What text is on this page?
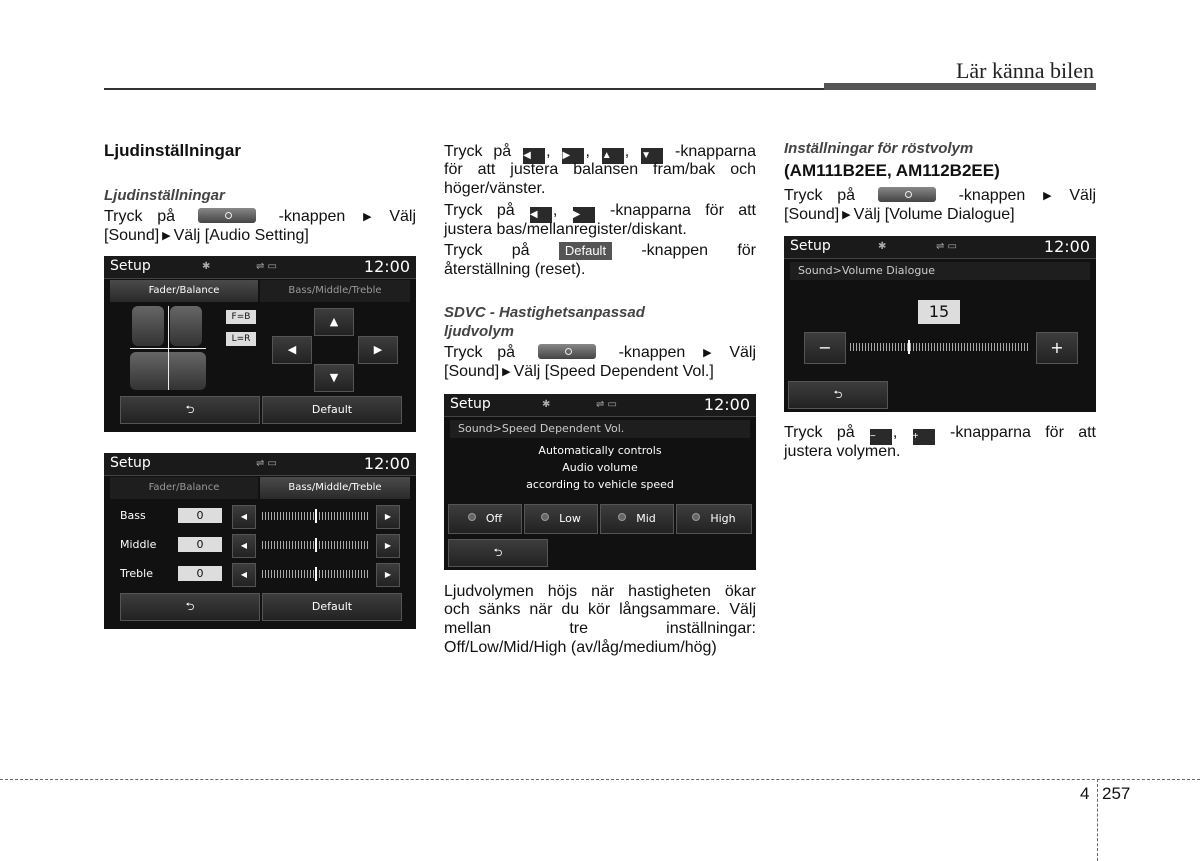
Lär känna bilen
Ljudinställningar
Ljudinställningar
Tryck på	-knappen ▶ Välj
[Sound] ▶ Välj [Audio Setting]
Setup	✱	⇌ ▭	12:00
Fader/Balance	Bass/Middle/Treble
F=B
L=R
▲
◀	▶
▼
⮌	Default
Setup	⇌ ▭	12:00
Fader/Balance	Bass/Middle/Treble
Bass	0	◀	▶
Middle	0	◀	▶
Treble	0	◀	▶
⮌	Default
Tryck på ◀ , ▶ , ▲ , ▼ -knapparna
för att justera balansen fram/bak och
höger/vänster.
Tryck på ◀ , ▶ -knapparna för att
justera bas/mellanregister/diskant.
Tryck på	Default -knappen för
återställning (reset).
SDVC - Hastighetsanpassad
ljudvolym
Tryck på	-knappen ▶ Välj
[Sound] ▶ Välj [Speed Dependent Vol.]
Setup	✱	⇌ ▭	12:00
Sound>Speed Dependent Vol.
Automatically controls
Audio volume
according to vehicle speed
Off	Low	Mid	High
⮌
Ljudvolymen höjs när hastigheten ökar
och sänks när du kör långsammare. Välj
mellan tre inställningar:
Off/Low/Mid/High (av/låg/medium/hög)
Inställningar för röstvolym
(AM111B2EE, AM112B2EE)
Tryck på	-knappen ▶ Välj
[Sound] ▶ Välj [Volume Dialogue]
Setup	✱	⇌ ▭	12:00
Sound>Volume Dialogue
15
−	+
⮌
Tryck på − , + -knapparna för att
justera volymen.
4 257
